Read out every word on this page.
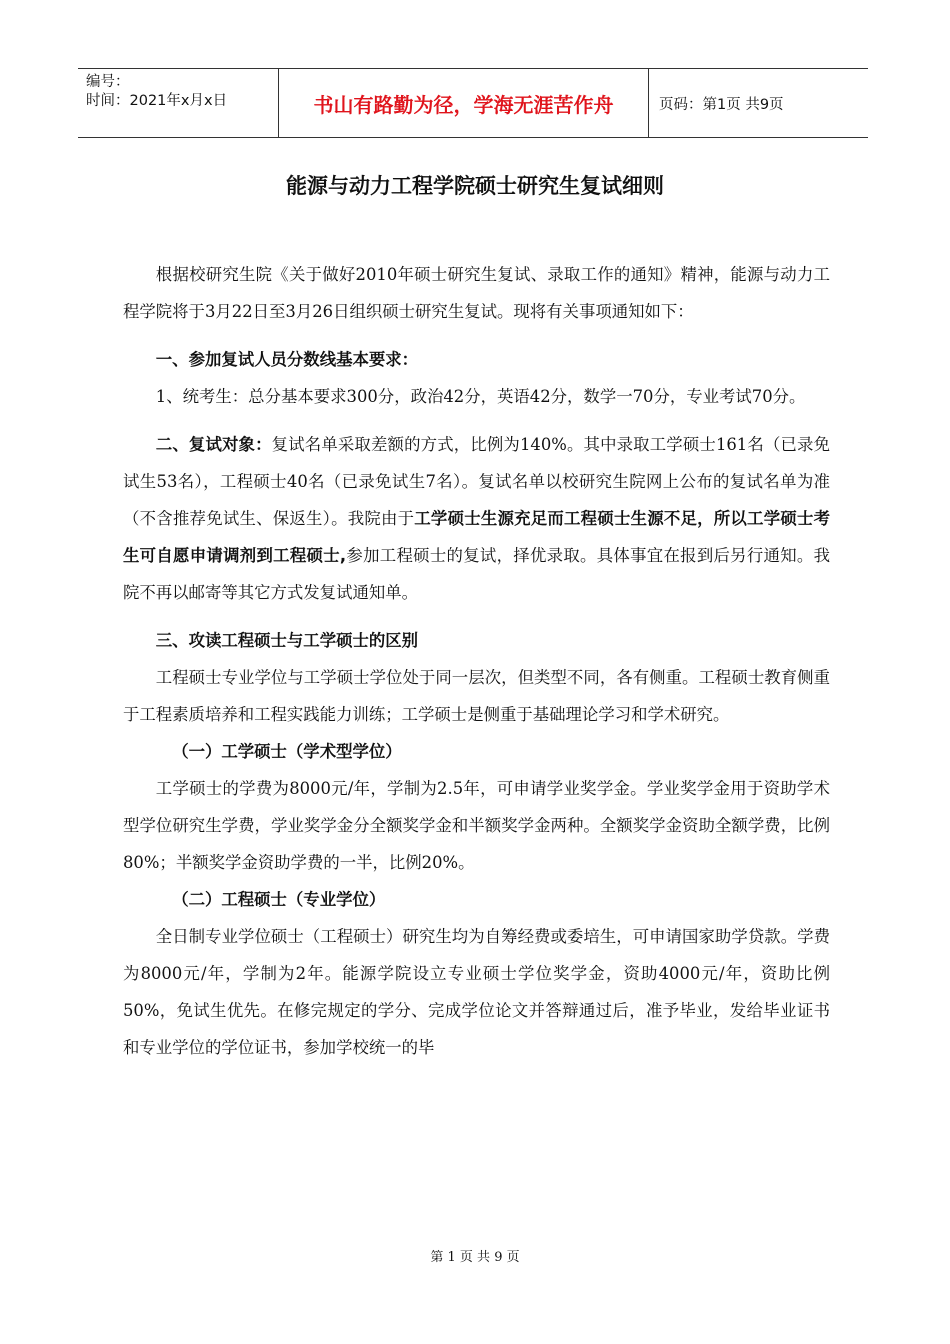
编号：
时间：2021年x月x日	书山有路勤为径，学海无涯苦作舟	页码：第1页 共9页
能源与动力工程学院硕士研究生复试细则

根据校研究生院《关于做好2010年硕士研究生复试、录取工作的通知》精神，能源与动力工程学院将于3月22日至3月26日组织硕士研究生复试。现将有关事项通知如下：

一、参加复试人员分数线基本要求：

1、统考生：总分基本要求300分，政治42分，英语42分，数学一70分，专业考试70分。

二、复试对象：复试名单采取差额的方式，比例为140%。其中录取工学硕士161名（已录免试生53名），工程硕士40名（已录免试生7名）。复试名单以校研究生院网上公布的复试名单为准（不含推荐免试生、保返生）。我院由于工学硕士生源充足而工程硕士生源不足，所以工学硕士考生可自愿申请调剂到工程硕士,参加工程硕士的复试，择优录取。具体事宜在报到后另行通知。我院不再以邮寄等其它方式发复试通知单。

三、攻读工程硕士与工学硕士的区别

工程硕士专业学位与工学硕士学位处于同一层次，但类型不同，各有侧重。工程硕士教育侧重于工程素质培养和工程实践能力训练；工学硕士是侧重于基础理论学习和学术研究。

（一）工学硕士（学术型学位）

工学硕士的学费为8000元/年，学制为2.5年，可申请学业奖学金。学业奖学金用于资助学术型学位研究生学费，学业奖学金分全额奖学金和半额奖学金两种。全额奖学金资助全额学费，比例80%；半额奖学金资助学费的一半，比例20%。

（二）工程硕士（专业学位）

全日制专业学位硕士（工程硕士）研究生均为自筹经费或委培生，可申请国家助学贷款。学费为8000元/年，学制为2年。能源学院设立专业硕士学位奖学金，资助4000元/年，资助比例50%，免试生优先。在修完规定的学分、完成学位论文并答辩通过后，准予毕业，发给毕业证书和专业学位的学位证书，参加学校统一的毕

第 1 页 共 9 页
